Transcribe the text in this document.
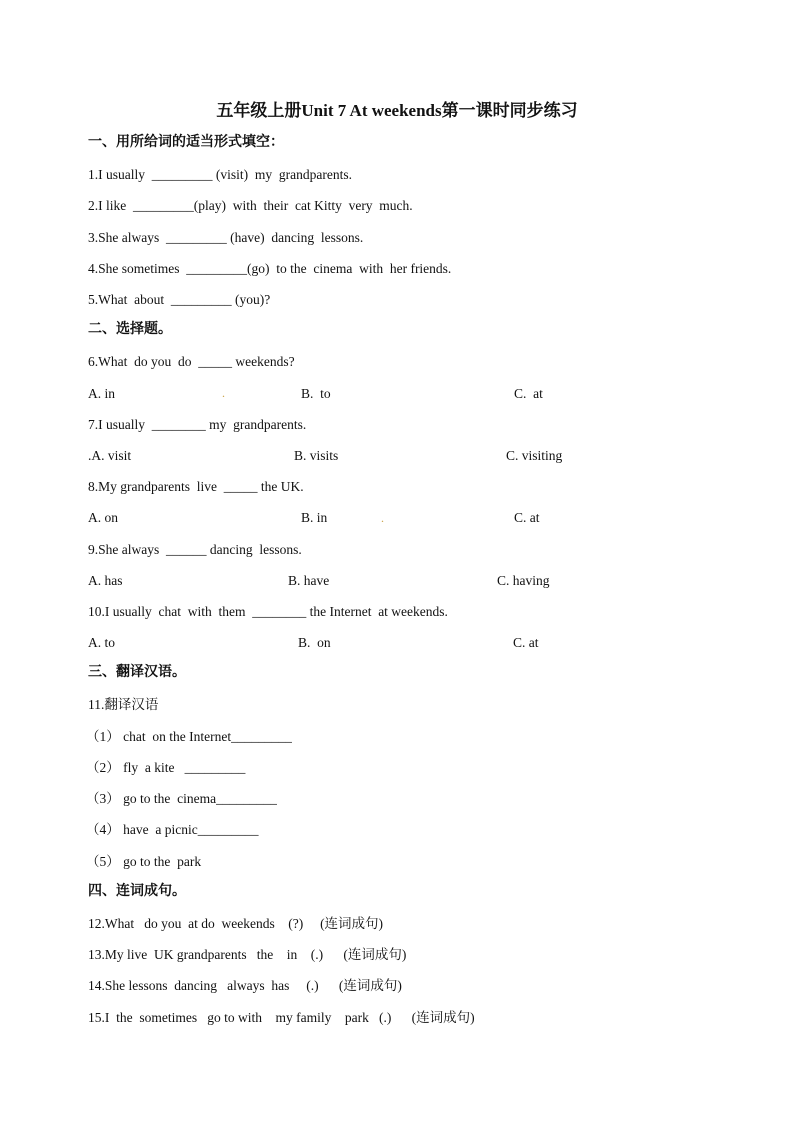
五年级上册Unit 7 At weekends第一课时同步练习
一、用所给词的适当形式填空：
1.I usually  _________ (visit)  my  grandparents.
2.I like  _________(play)  with  their  cat Kitty  very  much.
3.She always  _________ (have)  dancing  lessons.
4.She sometimes  _________(go)  to the  cinema  with  her friends.
5.What  about  _________ (you)?
二、选择题。
6.What  do you  do  _____ weekends?
A. in	.	B.  to	C.  at
7.I usually  ________ my  grandparents.
.A. visit	B. visits	C. visiting
8.My grandparents  live  _____ the UK.
A. on	B. in	.	C. at
9.She always  ______ dancing  lessons.
A. has	B. have	C. having
10.I usually  chat  with  them  ________ the Internet  at weekends.
A. to	B.  on	C. at
三、翻译汉语。
11.翻译汉语
（1） chat  on the Internet_________
（2） fly  a kite   _________
（3） go to the  cinema_________
（4） have  a picnic_________
（5） go to the  park
四、连词成句。
12.What   do you  at do  weekends    (?)     (连词成句)
13.My live  UK grandparents   the    in    (.)      (连词成句)
14.She lessons  dancing   always  has     (.)      (连词成句)
15.I  the  sometimes   go to with    my family    park   (.)      (连词成句)
